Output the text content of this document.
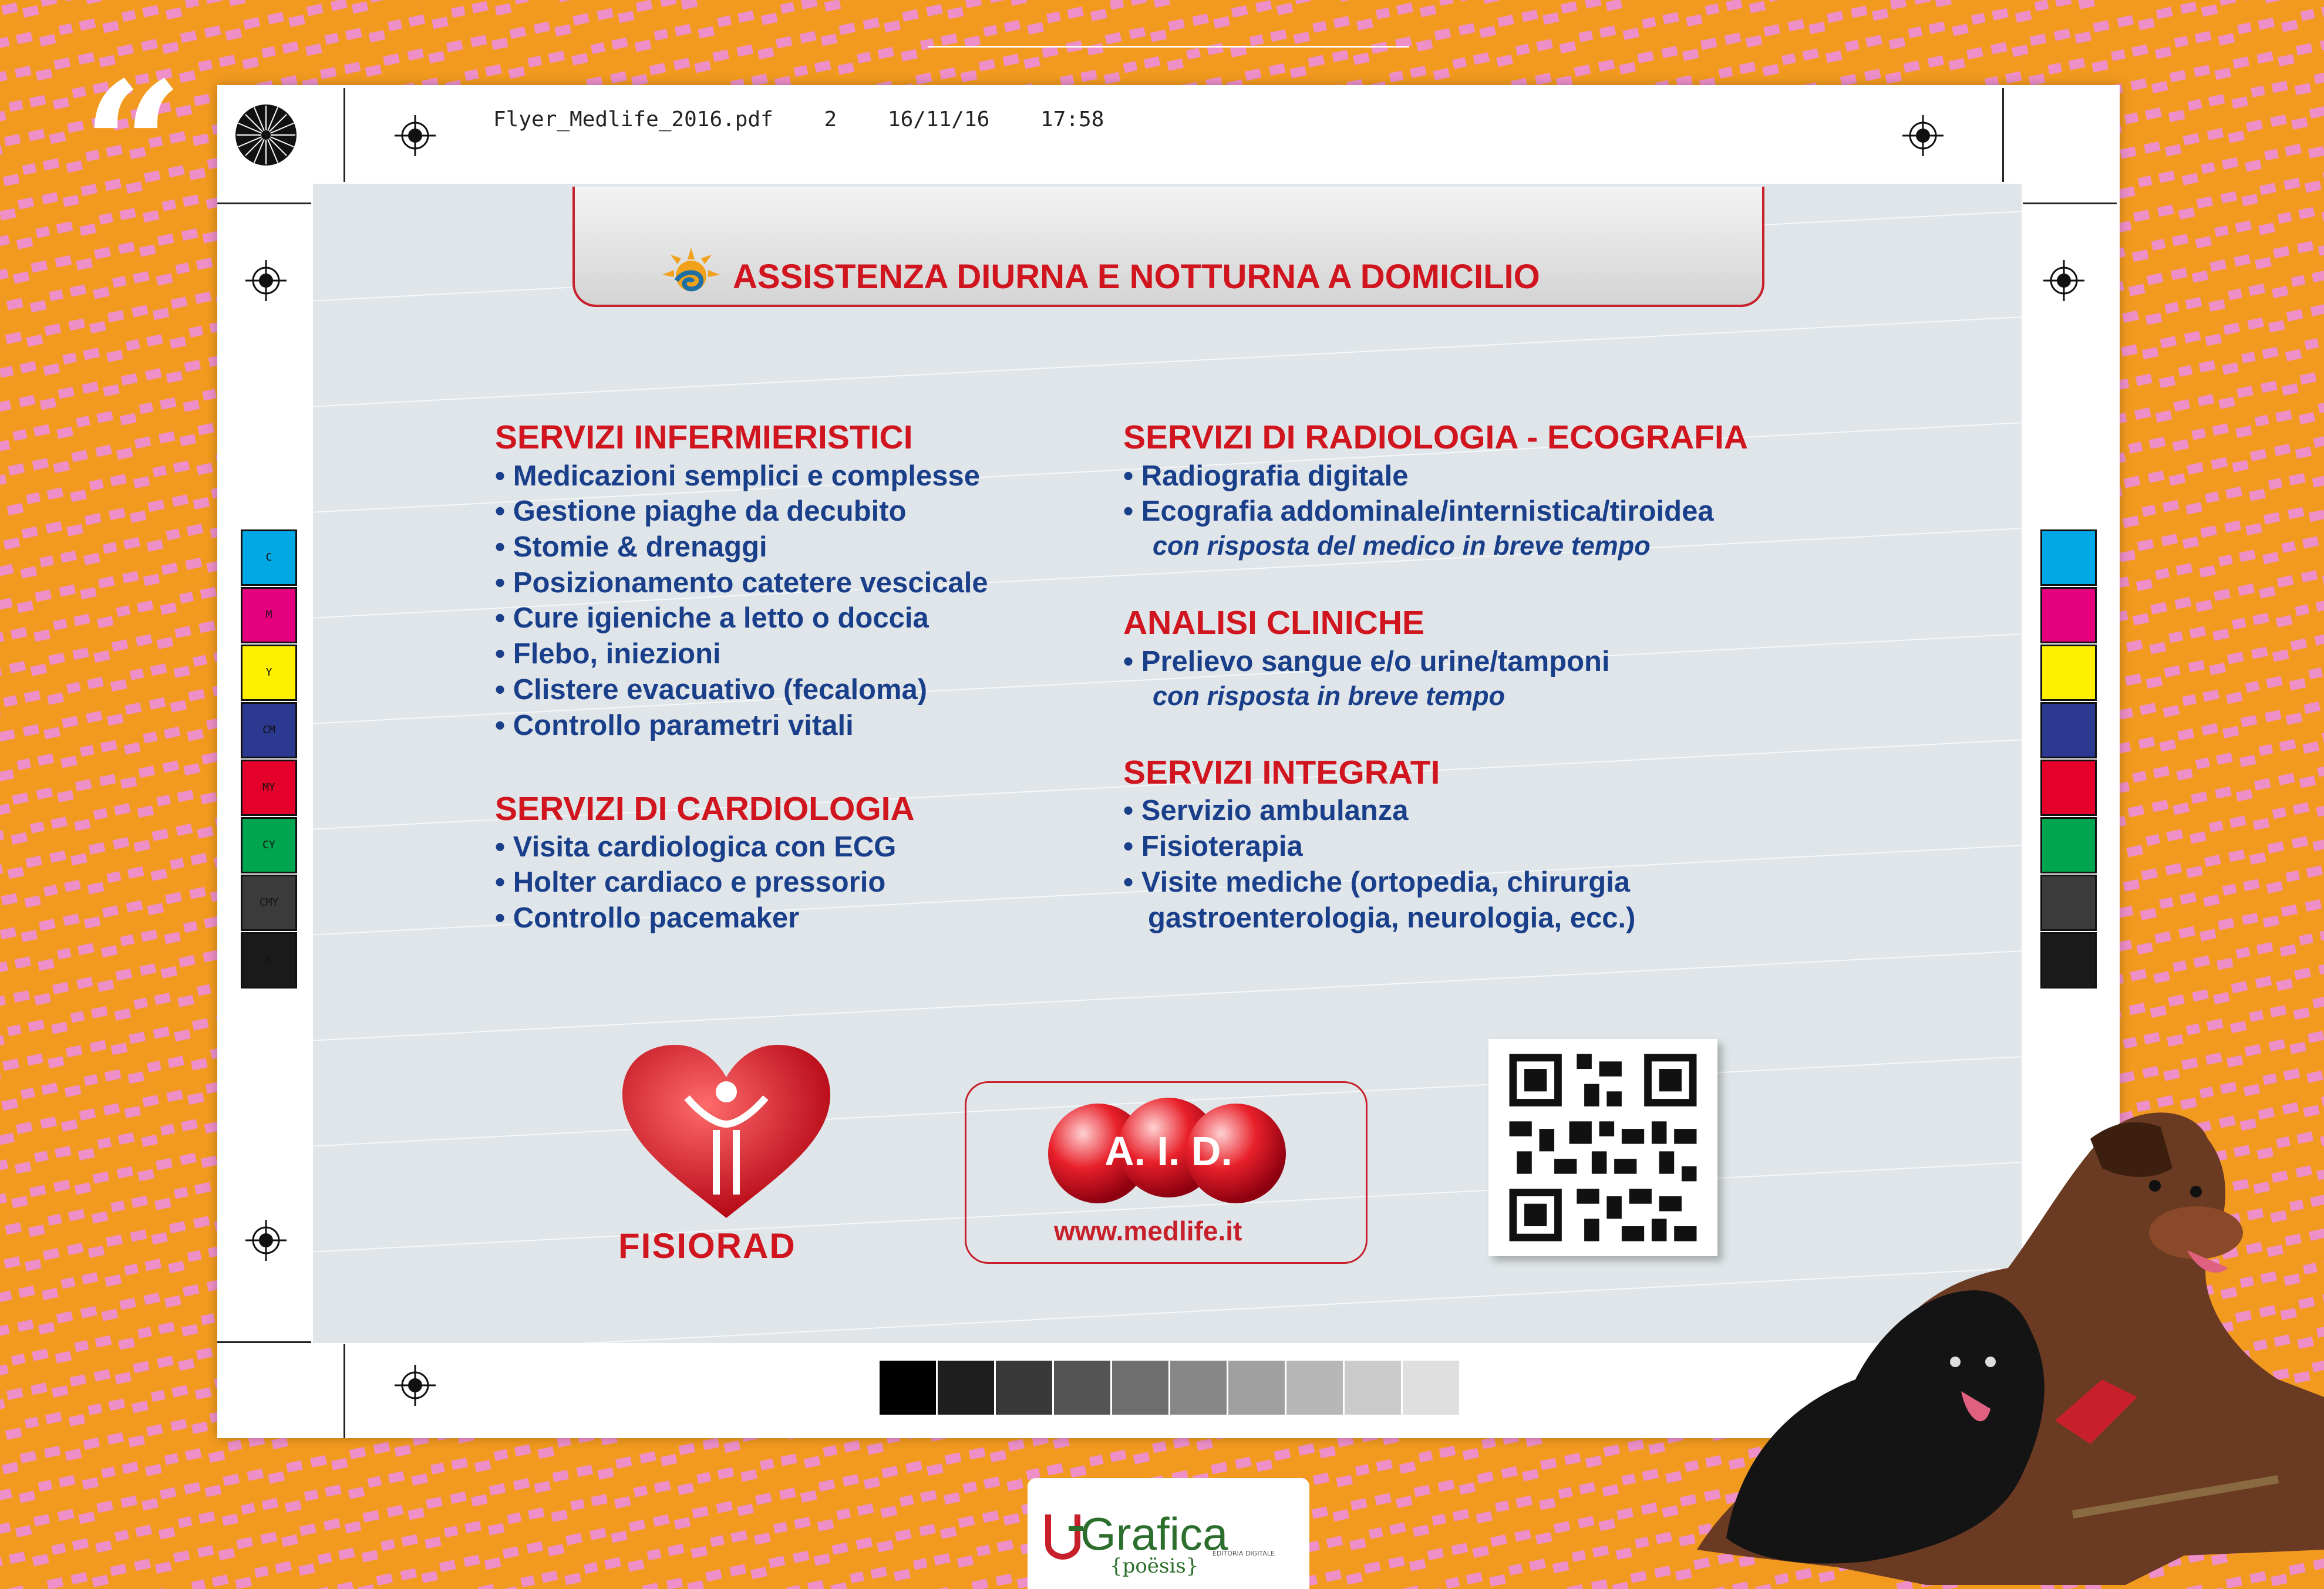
“	Flyer_Medlife_2016.pdf 2 16/11/16 17:58
ASSISTENZA DIURNA E NOTTURNA A DOMICILIO
SERVIZI INFERMIERISTICI
• Medicazioni semplici e complesse
• Gestione piaghe da decubito
• Stomie & drenaggi
• Posizionamento catetere vescicale
• Cure igieniche a letto o doccia
• Flebo, iniezioni
• Clistere evacuativo (fecaloma)
• Controllo parametri vitali
SERVIZI DI CARDIOLOGIA
• Visita cardiologica con ECG
• Holter cardiaco e pressorio
• Controllo pacemaker
SERVIZI DI RADIOLOGIA - ECOGRAFIA
• Radiografia digitale
• Ecografia addominale/internistica/tiroidea
con risposta del medico in breve tempo
ANALISI CLINICHE
• Prelievo sangue e/o urine/tamponi
con risposta in breve tempo
SERVIZI INTEGRATI
• Servizio ambulanza
• Fisioterapia
• Visite mediche (ortopedia, chirurgia
gastroenterologia, neurologia, ecc.)
FISIORAD
A. I. D.
www.medlife.it
C
M
Y
CM
MY
CY
CMY
K
Grafica
{poësis}
EDITORIA DIGITALE
